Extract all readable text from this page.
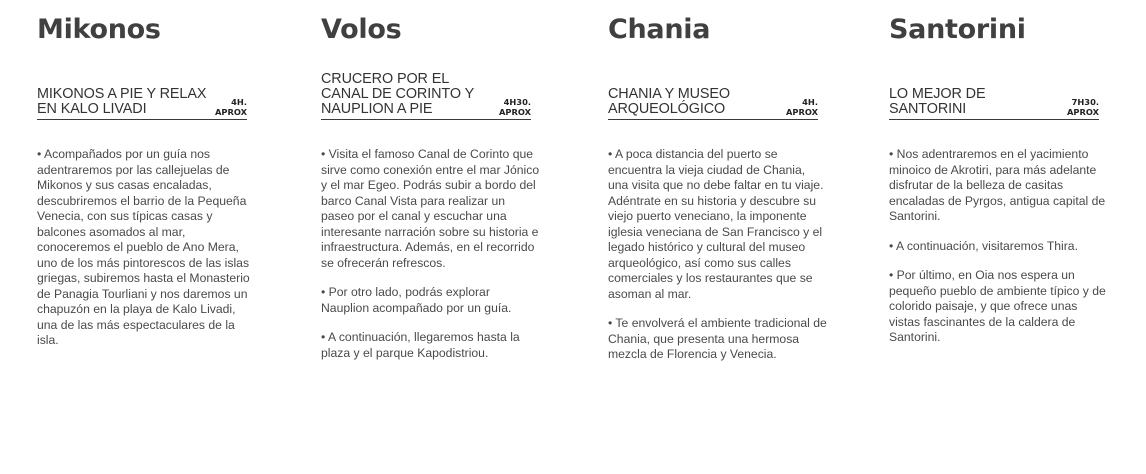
Mikonos
MIKONOS A PIE Y RELAX EN KALO LIVADI	4H.
APROX
• Acompañados por un guía nos adentraremos por las callejuelas de Mikonos y sus casas encaladas, descubriremos el barrio de la Pequeña Venecia, con sus típicas casas y balcones asomados al mar, conoceremos el pueblo de Ano Mera, uno de los más pintorescos de las islas griegas, subiremos hasta el Monasterio de Panagia Tourliani y nos daremos un chapuzón en la playa de Kalo Livadi, una de las más espectaculares de la isla.
Volos
CRUCERO POR EL CANAL DE CORINTO Y NAUPLION A PIE	4H30.
APROX
• Visita el famoso Canal de Corinto que sirve como conexión entre el mar Jónico y el mar Egeo. Podrás subir a bordo del barco Canal Vista para realizar un paseo por el canal y escuchar una interesante narración sobre su historia e infraestructura. Además, en el recorrido se ofrecerán refrescos.
• Por otro lado, podrás explorar Nauplion acompañado por un guía.
• A continuación, llegaremos hasta la plaza y el parque Kapodistriou.
Chania
CHANIA Y MUSEO ARQUEOLÓGICO	4H.
APROX
• A poca distancia del puerto se encuentra la vieja ciudad de Chania, una visita que no debe faltar en tu viaje. Adéntrate en su historia y descubre su viejo puerto veneciano, la imponente iglesia veneciana de San Francisco y el legado histórico y cultural del museo arqueológico, así como sus calles comerciales y los restaurantes que se asoman al mar.
• Te envolverá el ambiente tradicional de Chania, que presenta una hermosa mezcla de Florencia y Venecia.
Santorini
LO MEJOR DE SANTORINI	7H30.
APROX
• Nos adentraremos en el yacimiento minoico de Akrotiri, para más adelante disfrutar de la belleza de casitas encaladas de Pyrgos, antigua capital de Santorini.
• A continuación, visitaremos Thira.
• Por último, en Oia nos espera un pequeño pueblo de ambiente típico y de colorido paisaje, y que ofrece unas vistas fascinantes de la caldera de Santorini.
